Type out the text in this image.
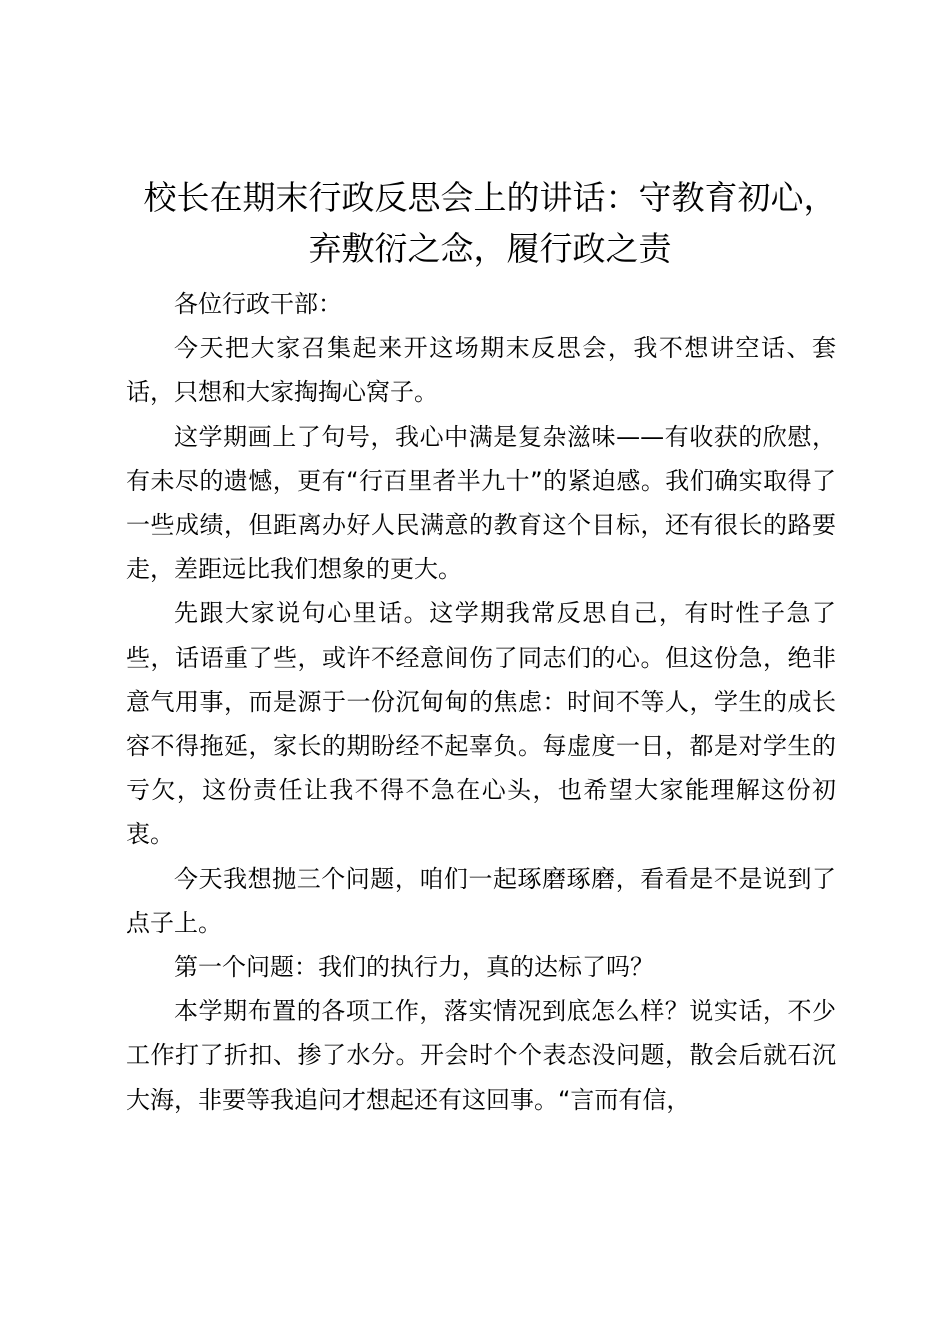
校长在期末行政反思会上的讲话：守教育初心，
弃敷衍之念，履行政之责

各位行政干部：

今天把大家召集起来开这场期末反思会，我不想讲空话、套话，只想和大家掏掏心窝子。

这学期画上了句号，我心中满是复杂滋味——有收获的欣慰，有未尽的遗憾，更有“行百里者半九十”的紧迫感。我们确实取得了一些成绩，但距离办好人民满意的教育这个目标，还有很长的路要走，差距远比我们想象的更大。

先跟大家说句心里话。这学期我常反思自己，有时性子急了些，话语重了些，或许不经意间伤了同志们的心。但这份急，绝非意气用事，而是源于一份沉甸甸的焦虑：时间不等人，学生的成长容不得拖延，家长的期盼经不起辜负。每虚度一日，都是对学生的亏欠，这份责任让我不得不急在心头，也希望大家能理解这份初衷。

今天我想抛三个问题，咱们一起琢磨琢磨，看看是不是说到了点子上。

第一个问题：我们的执行力，真的达标了吗？

本学期布置的各项工作，落实情况到底怎么样？说实话，不少工作打了折扣、掺了水分。开会时个个表态没问题，散会后就石沉大海，非要等我追问才想起还有这回事。“言而有信，
